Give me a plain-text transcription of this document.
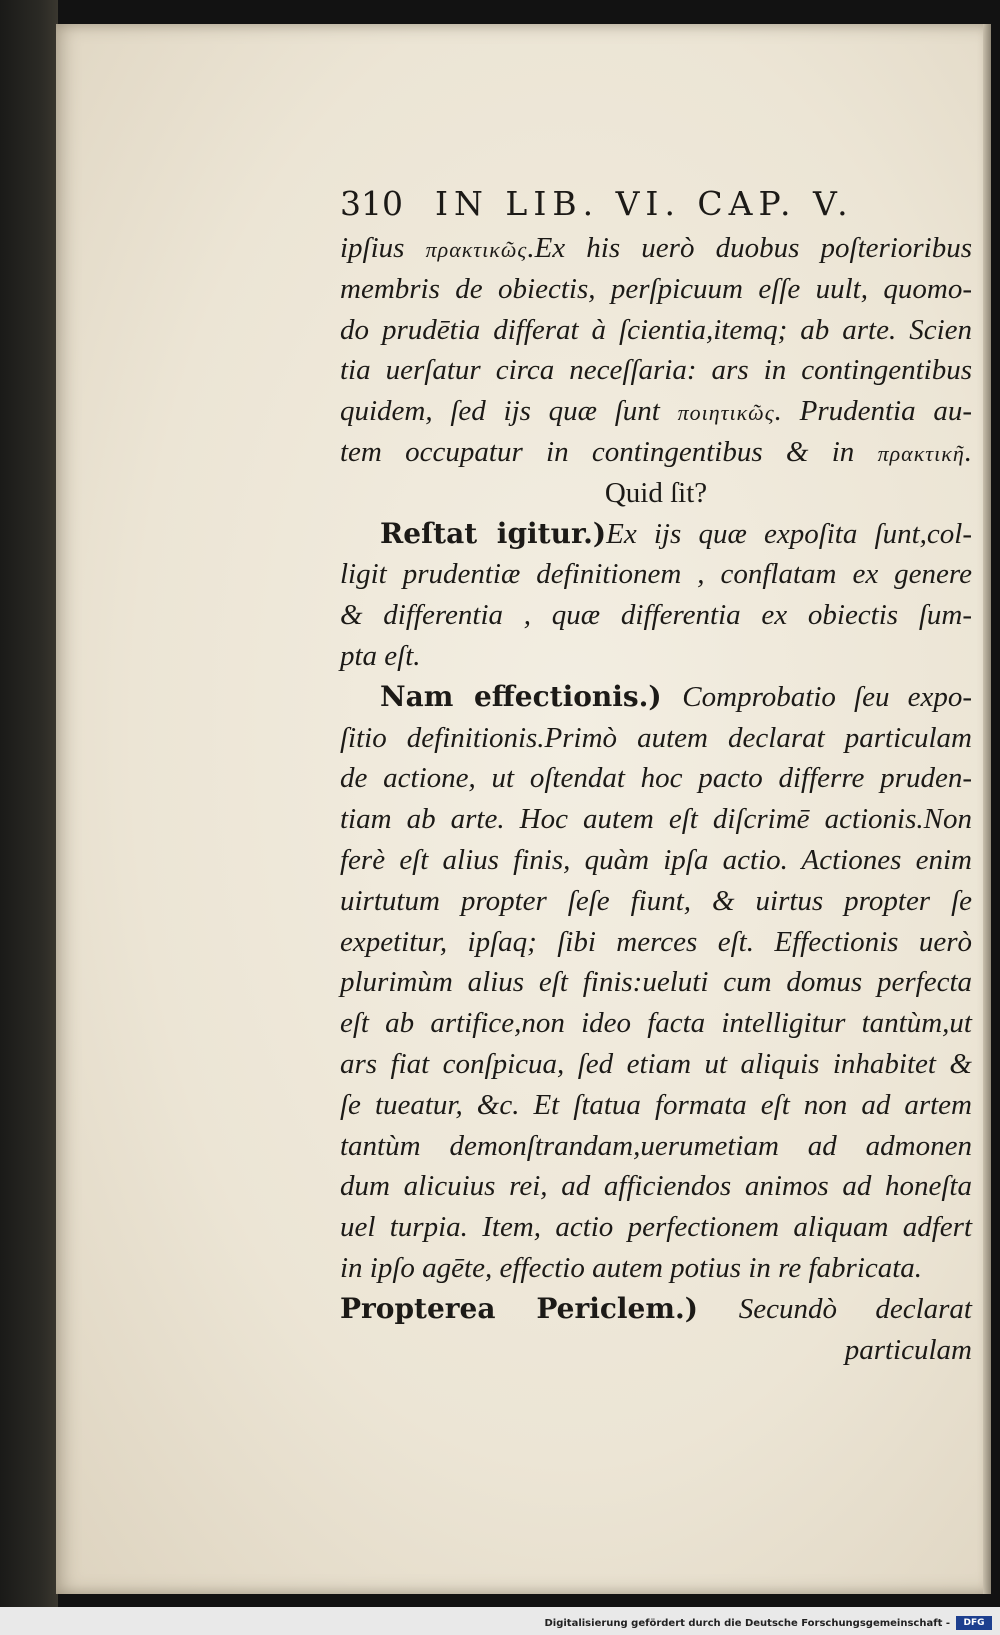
310 IN LIB. VI. CAP. V.
ipſius πρακτικῶς.Ex his uerò duobus poſterioribus
membris de obiectis, perſpicuum eſſe uult, quomo-
do prudētia differat à ſcientia,itemq; ab arte. Scien
tia uerſatur circa neceſſaria: ars in contingentibus
quidem, ſed ijs quæ ſunt ποιητικῶς. Prudentia au-
tem occupatur in contingentibus & in πρακτικῆ.
Quid ſit?
Reſtat igitur.)Ex ijs quæ expoſita ſunt,col-
ligit prudentiæ definitionem , conflatam ex genere
& differentia , quæ differentia ex obiectis ſum-
pta eſt.
Nam effectionis.) Comprobatio ſeu expo-
ſitio definitionis.Primò autem declarat particulam
de actione, ut oſtendat hoc pacto differre pruden-
tiam ab arte. Hoc autem eſt diſcrimē actionis.Non
ferè eſt alius finis, quàm ipſa actio. Actiones enim
uirtutum propter ſeſe fiunt, & uirtus propter ſe
expetitur, ipſaq; ſibi merces eſt. Effectionis uerò
plurimùm alius eſt finis:ueluti cum domus perfecta
eſt ab artifice,non ideo facta intelligitur tantùm,ut
ars fiat conſpicua, ſed etiam ut aliquis inhabitet &
ſe tueatur, &c. Et ſtatua formata eſt non ad artem
tantùm demonſtrandam,uerumetiam ad admonen
dum alicuius rei, ad afficiendos animos ad honeſta
uel turpia. Item, actio perfectionem aliquam adfert
in ipſo agēte, effectio autem potius in re fabricata.
Propterea Periclem.) Secundò declarat
particulam
Digitalisierung gefördert durch die Deutsche Forschungsgemeinschaft -	DFG
